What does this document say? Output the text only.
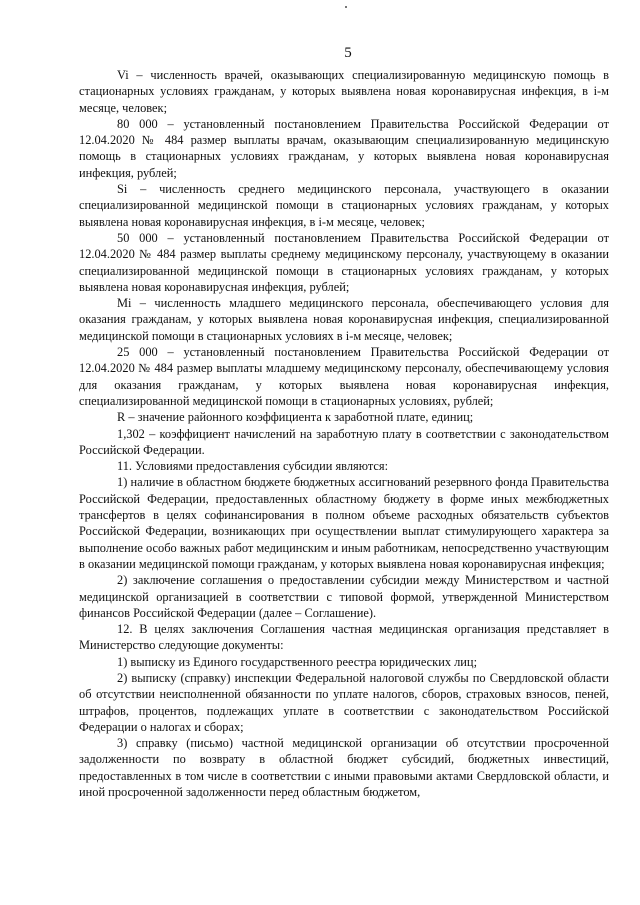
5

Vi – численность врачей, оказывающих специализированную медицинскую помощь в стационарных условиях гражданам, у которых выявлена новая коронавирусная инфекция, в i-м месяце, человек;

80 000 – установленный постановлением Правительства Российской Федерации от 12.04.2020 № 484 размер выплаты врачам, оказывающим специализированную медицинскую помощь в стационарных условиях гражданам, у которых выявлена новая коронавирусная инфекция, рублей;

Si – численность среднего медицинского персонала, участвующего в оказании специализированной медицинской помощи в стационарных условиях гражданам, у которых выявлена новая коронавирусная инфекция, в i-м месяце, человек;

50 000 – установленный постановлением Правительства Российской Федерации от 12.04.2020 № 484 размер выплаты среднему медицинскому персоналу, участвующему в оказании специализированной медицинской помощи в стационарных условиях гражданам, у которых выявлена новая коронавирусная инфекция, рублей;

Mi – численность младшего медицинского персонала, обеспечивающего условия для оказания гражданам, у которых выявлена новая коронавирусная инфекция, специализированной медицинской помощи в стационарных условиях в i-м месяце, человек;

25 000 – установленный постановлением Правительства Российской Федерации от 12.04.2020 № 484 размер выплаты младшему медицинскому персоналу, обеспечивающему условия для оказания гражданам, у которых выявлена новая коронавирусная инфекция, специализированной медицинской помощи в стационарных условиях, рублей;

R – значение районного коэффициента к заработной плате, единиц;

1,302 – коэффициент начислений на заработную плату в соответствии с законодательством Российской Федерации.

11. Условиями предоставления субсидии являются:

1) наличие в областном бюджете бюджетных ассигнований резервного фонда Правительства Российской Федерации, предоставленных областному бюджету в форме иных межбюджетных трансфертов в целях софинансирования в полном объеме расходных обязательств субъектов Российской Федерации, возникающих при осуществлении выплат стимулирующего характера за выполнение особо важных работ медицинским и иным работникам, непосредственно участвующим в оказании медицинской помощи гражданам, у которых выявлена новая коронавирусная инфекция;

2) заключение соглашения о предоставлении субсидии между Министерством и частной медицинской организацией в соответствии с типовой формой, утвержденной Министерством финансов Российской Федерации (далее – Соглашение).

12. В целях заключения Соглашения частная медицинская организация представляет в Министерство следующие документы:

1) выписку из Единого государственного реестра юридических лиц;

2) выписку (справку) инспекции Федеральной налоговой службы по Свердловской области об отсутствии неисполненной обязанности по уплате налогов, сборов, страховых взносов, пеней, штрафов, процентов, подлежащих уплате в соответствии с законодательством Российской Федерации о налогах и сборах;

3) справку (письмо) частной медицинской организации об отсутствии просроченной задолженности по возврату в областной бюджет субсидий, бюджетных инвестиций, предоставленных в том числе в соответствии с иными правовыми актами Свердловской области, и иной просроченной задолженности перед областным бюджетом,
